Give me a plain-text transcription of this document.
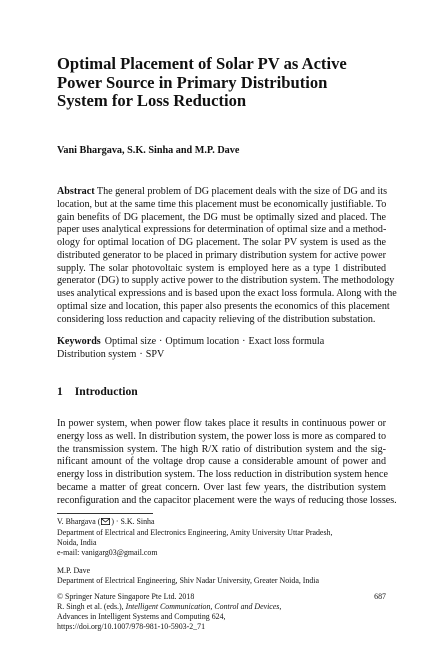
Optimal Placement of Solar PV as Active
Power Source in Primary Distribution
System for Loss Reduction
Vani Bhargava, S.K. Sinha and M.P. Dave

Abstract The general problem of DG placement deals with the size of DG and its
location, but at the same time this placement must be economically justifiable. To
gain benefits of DG placement, the DG must be optimally sized and placed. The
paper uses analytical expressions for determination of optimal size and a method-
ology for optimal location of DG placement. The solar PV system is used as the
distributed generator to be placed in primary distribution system for active power
supply. The solar photovoltaic system is employed here as a type 1 distributed
generator (DG) to supply active power to the distribution system. The methodology
uses analytical expressions and is based upon the exact loss formula. Along with the
optimal size and location, this paper also presents the economics of this placement
considering loss reduction and capacity relieving of the distribution substation.

Keywords Optimal size · Optimum location · Exact loss formula
Distribution system · SPV
1 Introduction

In power system, when power flow takes place it results in continuous power or
energy loss as well. In distribution system, the power loss is more as compared to
the transmission system. The high R/X ratio of distribution system and the sig-
nificant amount of the voltage drop cause a considerable amount of power and
energy loss in distribution system. The loss reduction in distribution system hence
became a matter of great concern. Over last few years, the distribution system
reconfiguration and the capacitor placement were the ways of reducing those losses.

V. Bhargava ( ) · S.K. Sinha
Department of Electrical and Electronics Engineering, Amity University Uttar Pradesh,
Noida, India
e-mail: vanigarg03@gmail.com
M.P. Dave
Department of Electrical Engineering, Shiv Nadar University, Greater Noida, India
© Springer Nature Singapore Pte Ltd. 2018
R. Singh et al. (eds.), Intelligent Communication, Control and Devices,
Advances in Intelligent Systems and Computing 624,
https://doi.org/10.1007/978-981-10-5903-2_71
687
